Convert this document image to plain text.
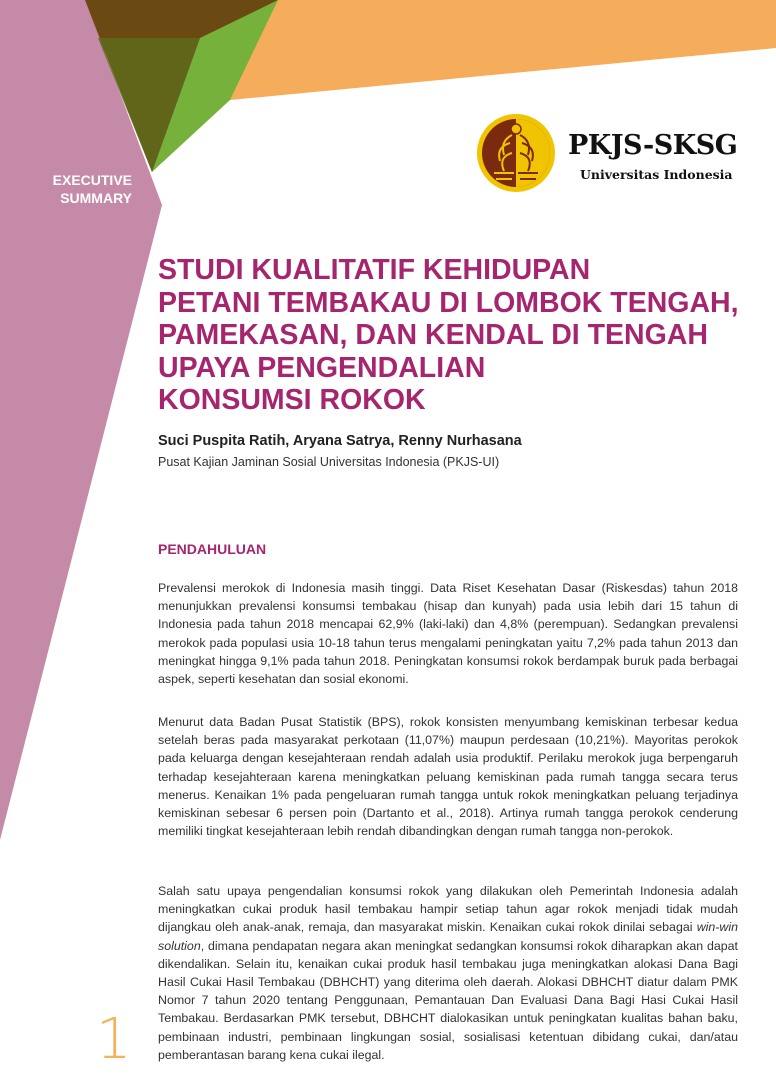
EXECUTIVE
SUMMARY
PKJS-SKSG
Universitas Indonesia
STUDI KUALITATIF KEHIDUPAN
PETANI TEMBAKAU DI LOMBOK TENGAH,
PAMEKASAN, DAN KENDAL DI TENGAH
UPAYA PENGENDALIAN
KONSUMSI ROKOK
Suci Puspita Ratih, Aryana Satrya, Renny Nurhasana
Pusat Kajian Jaminan Sosial Universitas Indonesia (PKJS-UI)
PENDAHULUAN

Prevalensi merokok di Indonesia masih tinggi. Data Riset Kesehatan Dasar (Riskesdas) tahun 2018 menunjukkan prevalensi konsumsi tembakau (hisap dan kunyah) pada usia lebih dari 15 tahun di Indonesia pada tahun 2018 mencapai 62,9% (laki-laki) dan 4,8% (perempuan). Sedangkan prevalensi merokok pada populasi usia 10-18 tahun terus mengalami peningkatan yaitu 7,2% pada tahun 2013 dan meningkat hingga 9,1% pada tahun 2018. Peningkatan konsumsi rokok berdampak buruk pada berbagai aspek, seperti kesehatan dan sosial ekonomi.

Menurut data Badan Pusat Statistik (BPS), rokok konsisten menyumbang kemiskinan terbesar kedua setelah beras pada masyarakat perkotaan (11,07%) maupun perdesaan (10,21%). Mayoritas perokok pada keluarga dengan kesejahteraan rendah adalah usia produktif. Perilaku merokok juga berpengaruh terhadap kesejahteraan karena meningkatkan peluang kemiskinan pada rumah tangga secara terus menerus. Kenaikan 1% pada pengeluaran rumah tangga untuk rokok meningkatkan peluang terjadinya kemiskinan sebesar 6 persen poin (Dartanto et al., 2018). Artinya rumah tangga perokok cenderung memiliki tingkat kesejahteraan lebih rendah dibandingkan dengan rumah tangga non-perokok.

Salah satu upaya pengendalian konsumsi rokok yang dilakukan oleh Pemerintah Indonesia adalah meningkatkan cukai produk hasil tembakau hampir setiap tahun agar rokok menjadi tidak mudah dijangkau oleh anak-anak, remaja, dan masyarakat miskin. Kenaikan cukai rokok dinilai sebagai win-win solution, dimana pendapatan negara akan meningkat sedangkan konsumsi rokok diharapkan akan dapat dikendalikan. Selain itu, kenaikan cukai produk hasil tembakau juga meningkatkan alokasi Dana Bagi Hasil Cukai Hasil Tembakau (DBHCHT) yang diterima oleh daerah. Alokasi DBHCHT diatur dalam PMK Nomor 7 tahun 2020 tentang Penggunaan, Pemantauan Dan Evaluasi Dana Bagi Hasi Cukai Hasil Tembakau. Berdasarkan PMK tersebut, DBHCHT dialokasikan untuk peningkatan kualitas bahan baku, pembinaan industri, pembinaan lingkungan sosial, sosialisasi ketentuan dibidang cukai, dan/atau pemberantasan barang kena cukai ilegal.

1
